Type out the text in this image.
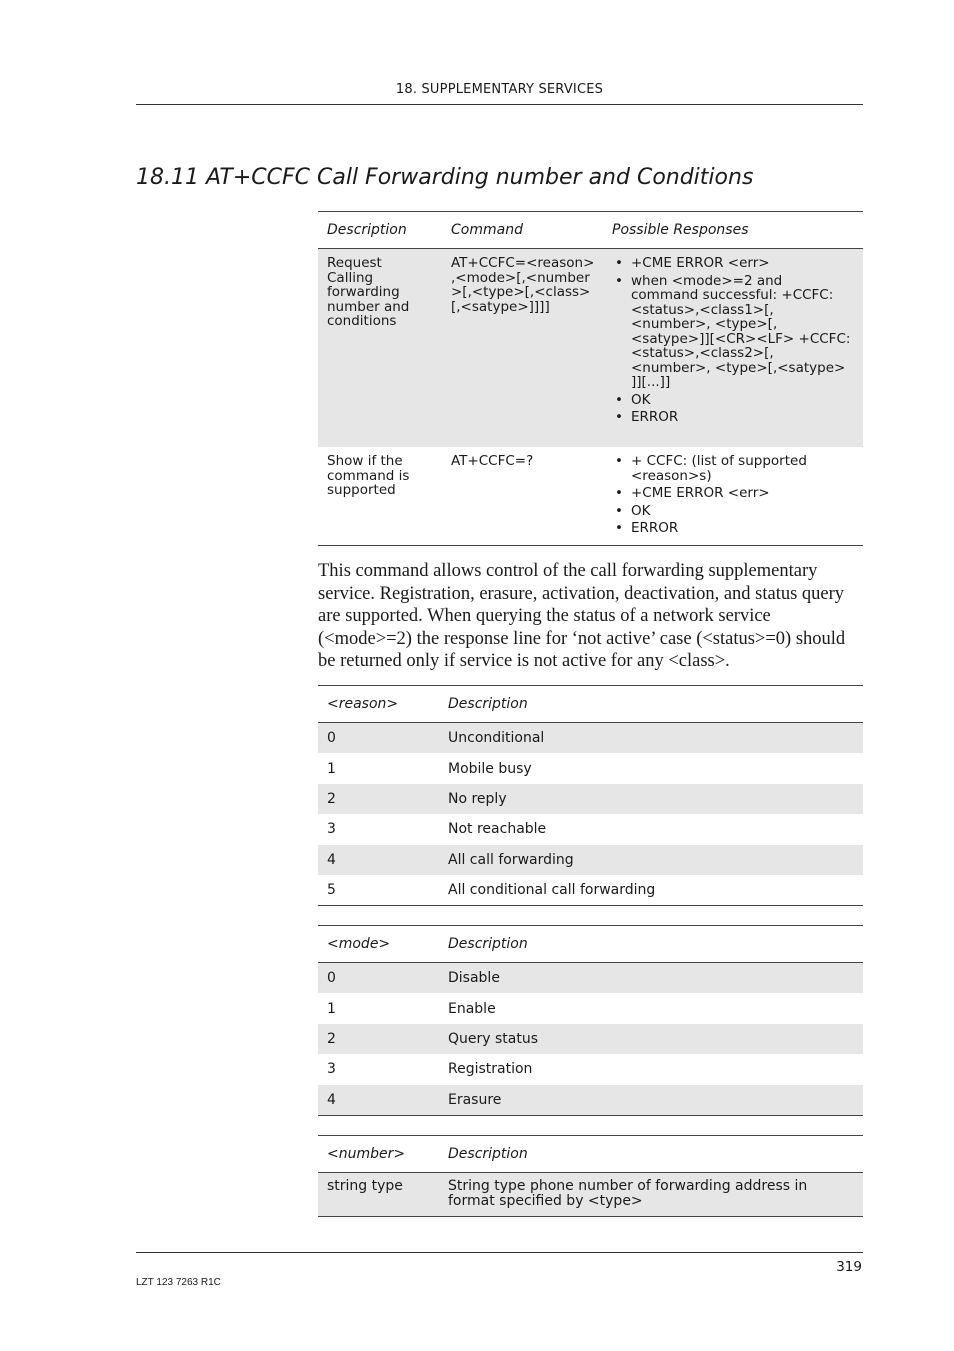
18. SUPPLEMENTARY SERVICES
18.11 AT+CCFC Call Forwarding number and Conditions
Description	Command	Possible Responses
Request Calling forwarding number and conditions
AT+CCFC=<reason> ,<mode>[,<number >[,<type>[,<class> [,<satype>]]]]
• +CME ERROR <err>
• when <mode>=2 and command successful: +CCFC: <status>,<class1>[,<number>, <type>[,<satype>]][<CR><LF> +CCFC: <status>,<class2>[,<number>, <type>[,<satype> ]][...]]
• OK
• ERROR
Show if the command is supported
AT+CCFC=?
•	+ CCFC: (list of supported <reason>s)
• +CME ERROR <err>
• OK
• ERROR
This command allows control of the call forwarding supplementary service. Registration, erasure, activation, deactivation, and status query are supported. When querying the status of a network service (<mode>=2) the response line for ‘not active’ case (<status>=0) should be returned only if service is not active for any <class>.
<reason>	Description
0	Unconditional
1	Mobile busy
2	No reply
3	Not reachable
4	All call forwarding
5	All conditional call forwarding
<mode>	Description
0	Disable
1	Enable
2	Query status
3	Registration
4	Erasure
<number>	Description
string type	String type phone number of forwarding address in format specified by <type>
319
LZT 123 7263 R1C
